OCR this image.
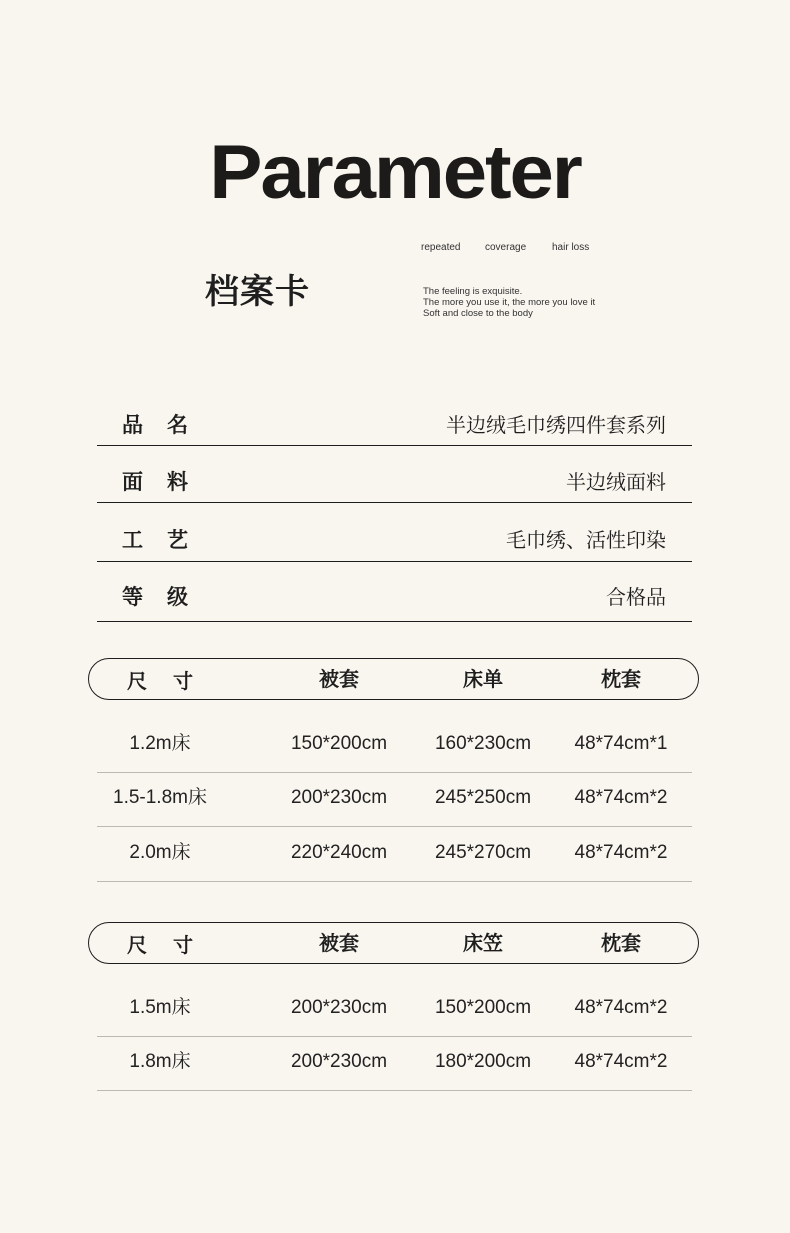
Parameter
档案卡
repeated coverage	hair loss
The feeling is exquisite.
The more you use it, the more you love it
Soft and close to the body
品名	半边绒毛巾绣四件套系列
面料	半边绒面料
工艺	毛巾绣、活性印染
等级	合格品
尺寸	被套	床单	枕套
1.2m床	150*200cm	160*230cm	48*74cm*1
1.5-1.8m床	200*230cm	245*250cm	48*74cm*2
2.0m床	220*240cm	245*270cm	48*74cm*2
尺寸	被套	床笠	枕套
1.5m床	200*230cm	150*200cm	48*74cm*2
1.8m床	200*230cm	180*200cm	48*74cm*2
